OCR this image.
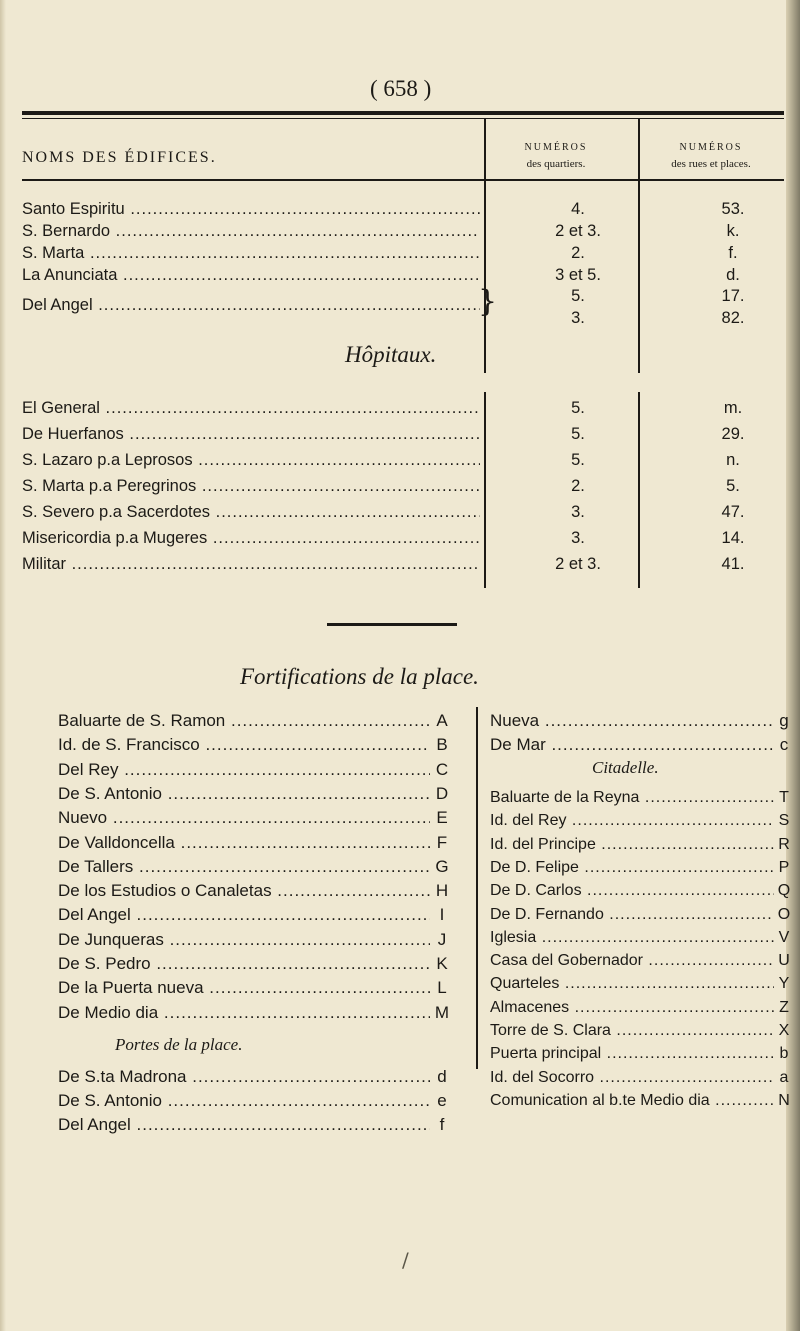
( 658 )
NOMS DES ÉDIFICES.
NUMÉROS
des quartiers.
NUMÉROS
des rues et places.
Santo Espiritu .....	4.	53.
S. Bernardo .....	2 et 3.	k.
S. Marta .....	2.	f.
La Anunciata .....	3 et 5.	d.
Del Angel .....	5.	17.
3.	82.
}
Hôpitaux.
El General .....	5.	m.
De Huerfanos .....	5.	29.
S. Lazaro p.a Leprosos .....	5.	n.
S. Marta p.a Peregrinos .....	2.	5.
S. Severo p.a Sacerdotes .....	3.	47.
Misericordia p.a Mugeres .....	3.	14.
Militar .....	2 et 3.	41.
Fortifications de la place.
Baluarte de S. Ramon .....	A
Id. de S. Francisco .....	B
Del Rey .....	C
De S. Antonio .....	D
Nuevo .....	E
De Valldoncella .....	F
De Tallers .....	G
De los Estudios o Canaletas .....	H
Del Angel .....	I
De Junqueras .....	J
De S. Pedro .....	K
De la Puerta nueva .....	L
De Medio dia .....	M
Portes de la place.
De S.ta Madrona .....	d
De S. Antonio .....	e
Del Angel .....	f
Nueva .....	g
De Mar .....	c
Citadelle.
Baluarte de la Reyna .....	T
Id. del Rey .....	S
Id. del Principe .....	R
De D. Felipe .....	P
De D. Carlos .....	Q
De D. Fernando .....	O
Iglesia .....	V
Casa del Gobernador .....	U
Quarteles .....	Y
Almacenes .....	Z
Torre de S. Clara .....	X
Puerta principal .....	b
Id. del Socorro .....	a
Comunication al b.te Medio dia .....	N
/
